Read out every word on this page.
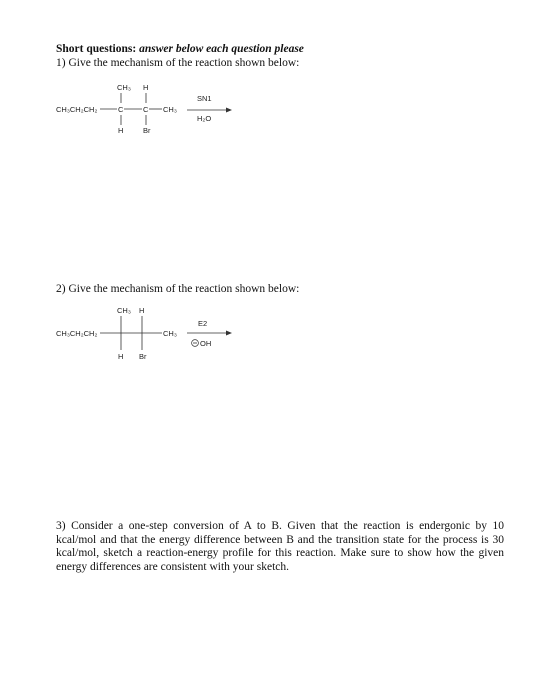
Short questions: answer below each question please
1) Give the mechanism of the reaction shown below:
CH₃CH₂CH₂	C	C CH₃
CH₃ H
H	Br
SN1
H₂O
CH₃CH₂CH₂	CH₃
CH₃ H
H Br
E2
OH
2) Give the mechanism of the reaction shown below:
3) Consider a one-step conversion of A to B. Given that the reaction is endergonic by 10 kcal/mol and that the energy difference between B and the transition state for the process is 30 kcal/mol, sketch a reaction-energy profile for this reaction. Make sure to show how the given energy differences are consistent with your sketch.
